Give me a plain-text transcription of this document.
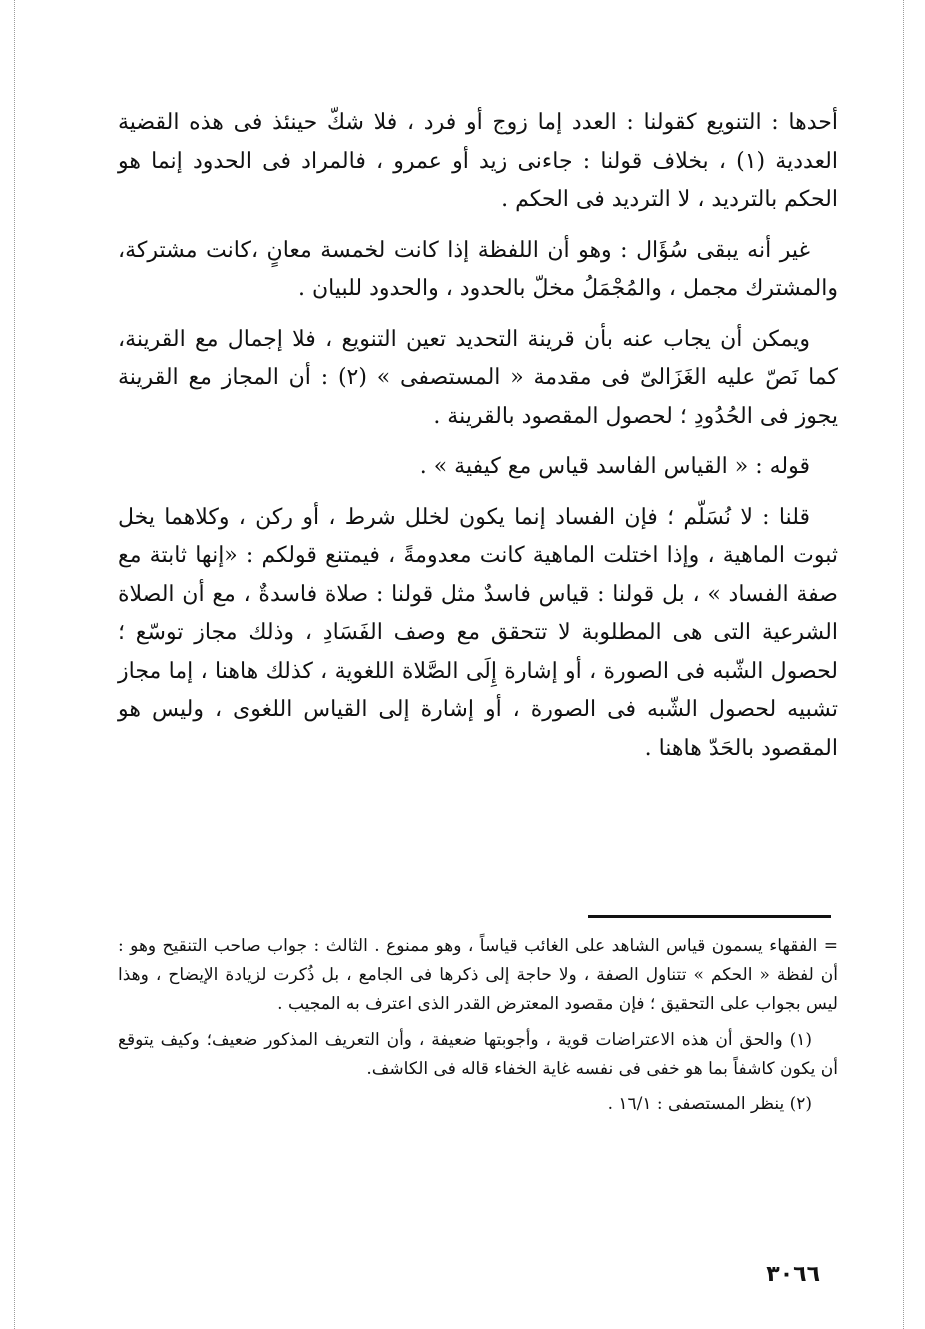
أحدها : التنويع كقولنا : العدد إما زوج أو فرد ، فلا شكّ حينئذ فى هذه القضية العددية (١) ، بخلاف قولنا : جاءنى زيد أو عمرو ، فالمراد فى الحدود إنما هو الحكم بالترديد ، لا الترديد فى الحكم .

غير أنه يبقى سُؤَال : وهو أن اللفظة إذا كانت لخمسة معانٍ ،كانت مشتركة، والمشترك مجمل ، والمُجْمَلُ مخلّ بالحدود ، والحدود للبيان .

ويمكن أن يجاب عنه بأن قرينة التحديد تعين التنويع ، فلا إجمال مع القرينة، كما نَصّ عليه الغَزَالىّ فى مقدمة « المستصفى » (٢) : أن المجاز مع القرينة يجوز فى الحُدُودِ ؛ لحصول المقصود بالقرينة .

قوله : « القياس الفاسد قياس مع كيفية » .

قلنا : لا نُسَلّم ؛ فإن الفساد إنما يكون لخلل شرط ، أو ركن ، وكلاهما يخل ثبوت الماهية ، وإذا اختلت الماهية كانت معدومةً ، فيمتنع قولكم : «إنها ثابتة مع صفة الفساد » ، بل قولنا : قياس فاسدٌ مثل قولنا : صلاة فاسدةٌ ، مع أن الصلاة الشرعية التى هى المطلوبة لا تتحقق مع وصف الفَسَادِ ، وذلك مجاز توسّع ؛ لحصول الشّبه فى الصورة ، أو إشارة إِلَى الصَّلاة اللغوية ، كذلك هاهنا ، إما مجاز تشبيه لحصول الشّبه فى الصورة ، أو إشارة إلى القياس اللغوى ، وليس هو المقصود بالحَدّ هاهنا .

= الفقهاء يسمون قياس الشاهد على الغائب قياساً ، وهو ممنوع . الثالث : جواب صاحب التنقيح وهو : أن لفظة « الحكم » تتناول الصفة ، ولا حاجة إلى ذكرها فى الجامع ، بل ذُكرت لزيادة الإيضاح ، وهذا ليس بجواب على التحقيق ؛ فإن مقصود المعترض القدر الذى اعترف به المجيب .

(١) والحق أن هذه الاعتراضات قوية ، وأجوبتها ضعيفة ، وأن التعريف المذكور ضعيف؛ وكيف يتوقع أن يكون كاشفاً بما هو خفى فى نفسه غاية الخفاء قاله فى الكاشف.

(٢) ينظر المستصفى : ١٦/١ .

٣٠٦٦
